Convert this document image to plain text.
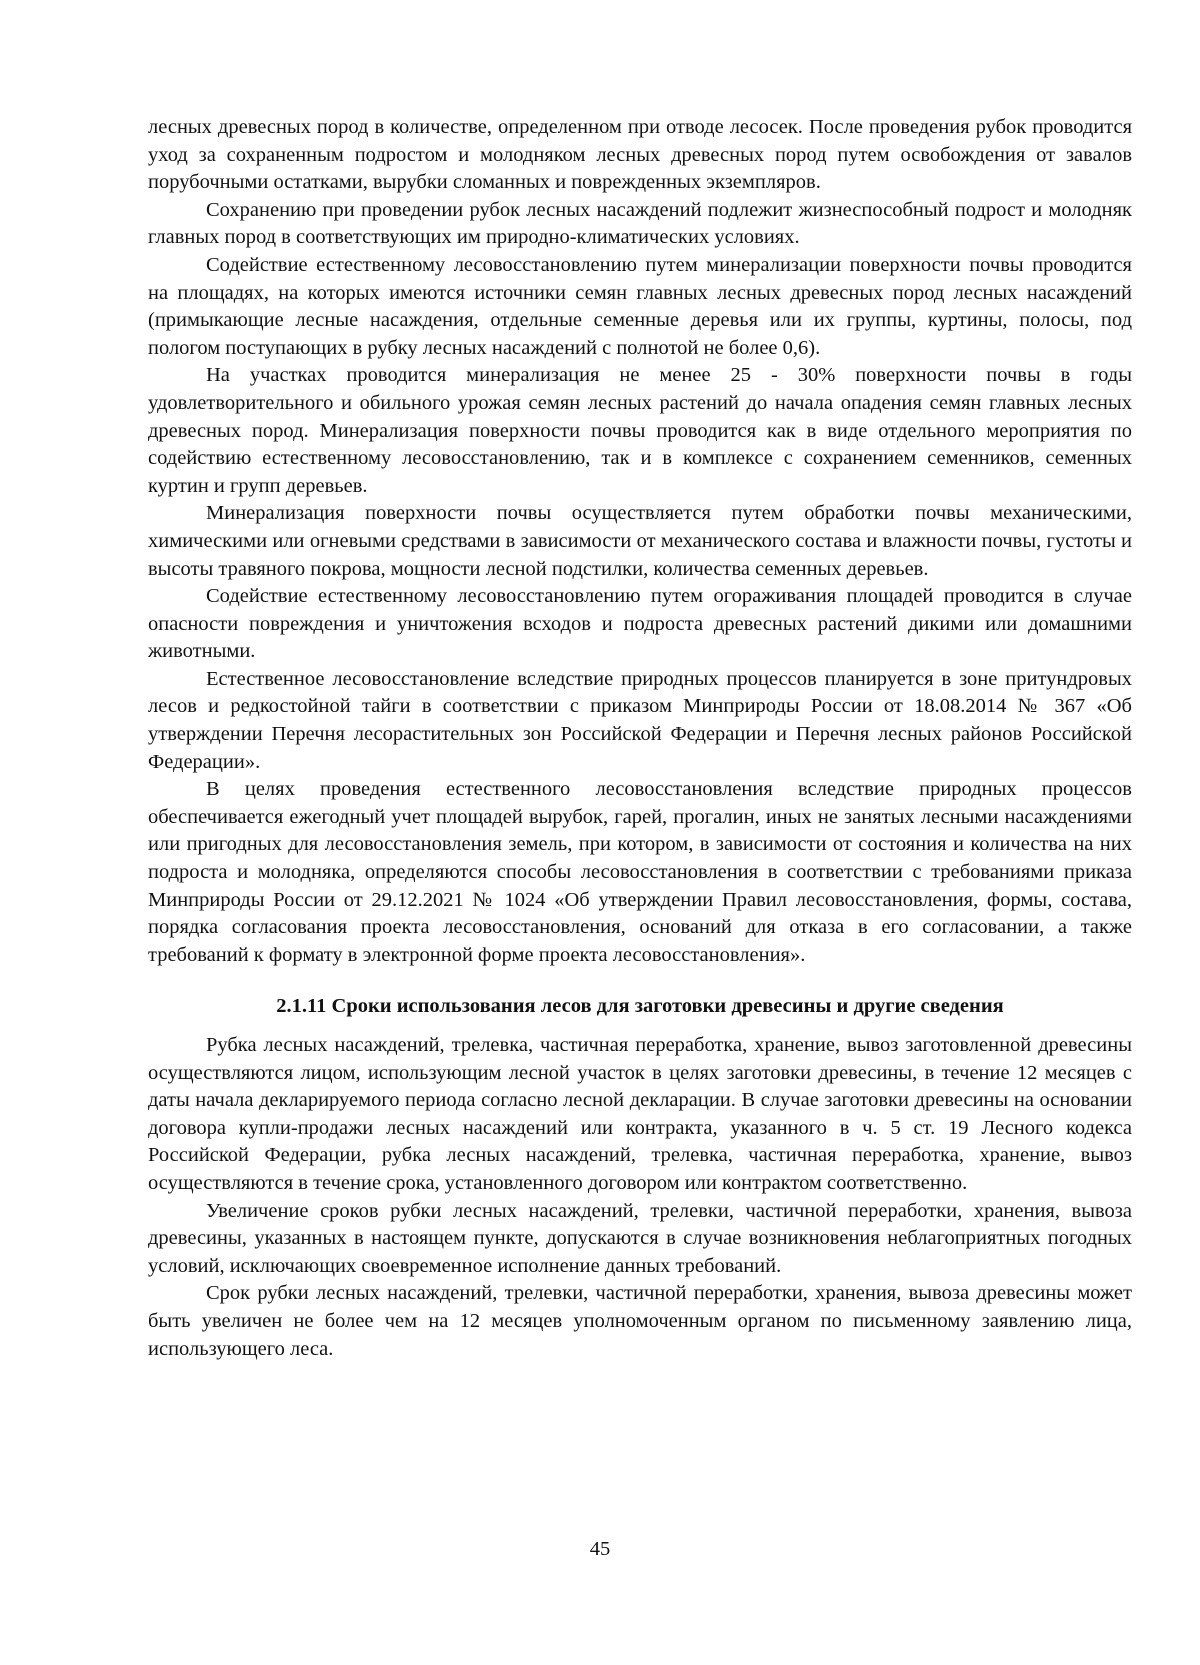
лесных древесных пород в количестве, определенном при отводе лесосек. После проведения рубок проводится уход за сохраненным подростом и молодняком лесных древесных пород путем освобождения от завалов порубочными остатками, вырубки сломанных и поврежденных экземпляров.

Сохранению при проведении рубок лесных насаждений подлежит жизнеспособный подрост и молодняк главных пород в соответствующих им природно-климатических условиях.

Содействие естественному лесовосстановлению путем минерализации поверхности почвы проводится на площадях, на которых имеются источники семян главных лесных древесных пород лесных насаждений (примыкающие лесные насаждения, отдельные семенные деревья или их группы, куртины, полосы, под пологом поступающих в рубку лесных насаждений с полнотой не более 0,6).

На участках проводится минерализация не менее 25 - 30% поверхности почвы в годы удовлетворительного и обильного урожая семян лесных растений до начала опадения семян главных лесных древесных пород. Минерализация поверхности почвы проводится как в виде отдельного мероприятия по содействию естественному лесовосстановлению, так и в комплексе с сохранением семенников, семенных куртин и групп деревьев.

Минерализация поверхности почвы осуществляется путем обработки почвы механическими, химическими или огневыми средствами в зависимости от механического состава и влажности почвы, густоты и высоты травяного покрова, мощности лесной подстилки, количества семенных деревьев.

Содействие естественному лесовосстановлению путем огораживания площадей проводится в случае опасности повреждения и уничтожения всходов и подроста древесных растений дикими или домашними животными.

Естественное лесовосстановление вследствие природных процессов планируется в зоне притундровых лесов и редкостойной тайги в соответствии с приказом Минприроды России от 18.08.2014 № 367 «Об утверждении Перечня лесорастительных зон Российской Федерации и Перечня лесных районов Российской Федерации».

В целях проведения естественного лесовосстановления вследствие природных процессов обеспечивается ежегодный учет площадей вырубок, гарей, прогалин, иных не занятых лесными насаждениями или пригодных для лесовосстановления земель, при котором, в зависимости от состояния и количества на них подроста и молодняка, определяются способы лесовосстановления в соответствии с требованиями приказа Минприроды России от 29.12.2021 № 1024 «Об утверждении Правил лесовосстановления, формы, состава, порядка согласования проекта лесовосстановления, оснований для отказа в его согласовании, а также требований к формату в электронной форме проекта лесовосстановления».

2.1.11 Сроки использования лесов для заготовки древесины и другие сведения

Рубка лесных насаждений, трелевка, частичная переработка, хранение, вывоз заготовленной древесины осуществляются лицом, использующим лесной участок в целях заготовки древесины, в течение 12 месяцев с даты начала декларируемого периода согласно лесной декларации. В случае заготовки древесины на основании договора купли-продажи лесных насаждений или контракта, указанного в ч. 5 ст. 19 Лесного кодекса Российской Федерации, рубка лесных насаждений, трелевка, частичная переработка, хранение, вывоз осуществляются в течение срока, установленного договором или контрактом соответственно.

Увеличение сроков рубки лесных насаждений, трелевки, частичной переработки, хранения, вывоза древесины, указанных в настоящем пункте, допускаются в случае возникновения неблагоприятных погодных условий, исключающих своевременное исполнение данных требований.

Срок рубки лесных насаждений, трелевки, частичной переработки, хранения, вывоза древесины может быть увеличен не более чем на 12 месяцев уполномоченным органом по письменному заявлению лица, использующего леса.

45
